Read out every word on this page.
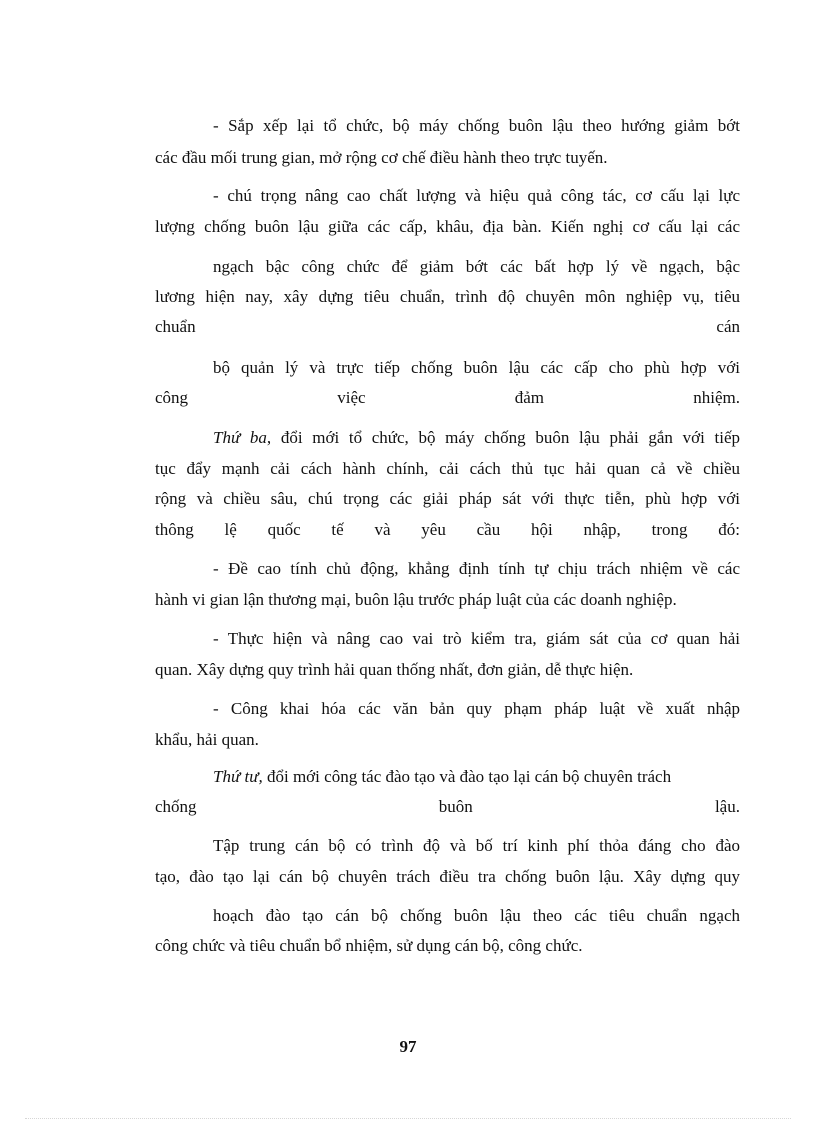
- Sắp xếp lại tổ chức, bộ máy chống buôn lậu theo hướng giảm bớt
các đầu mối trung gian, mở rộng cơ chế điều hành theo trực tuyến.
- chú trọng nâng cao chất lượng và hiệu quả công tác, cơ cấu lại lực
lượng chống buôn lậu giữa các cấp, khâu, địa bàn. Kiến nghị cơ cấu lại các
ngạch bậc công chức để giảm bớt các bất hợp lý về ngạch, bậc
lương hiện nay, xây dựng tiêu chuẩn, trình độ chuyên môn nghiệp vụ, tiêu
chuẩn	cán
bộ quản lý và trực tiếp chống buôn lậu các cấp cho phù hợp với
công	việc	đảm	nhiệm.
Thứ ba, đổi mới tổ chức, bộ máy chống buôn lậu phải gắn với tiếp
tục đẩy mạnh cải cách hành chính, cải cách thủ tục hải quan cả về chiều
rộng và chiều sâu, chú trọng các giải pháp sát với thực tiễn, phù hợp với
thông lệ quốc tế và yêu cầu hội nhập, trong đó:
- Đề cao tính chủ động, khẳng định tính tự chịu trách nhiệm về các
hành vi gian lận thương mại, buôn lậu trước pháp luật của các doanh nghiệp.
- Thực hiện và nâng cao vai trò kiểm tra, giám sát của cơ quan hải
quan. Xây dựng quy trình hải quan thống nhất, đơn giản, dễ thực hiện.
- Công khai hóa các văn bản quy phạm pháp luật về xuất nhập
khẩu, hải quan.
Thứ tư, đổi mới công tác đào tạo và đào tạo lại cán bộ chuyên trách
chống	buôn	lậu.
Tập trung cán bộ có trình độ và bố trí kinh phí thỏa đáng cho đào
tạo, đào tạo lại cán bộ chuyên trách điều tra chống buôn lậu. Xây dựng quy
hoạch đào tạo cán bộ chống buôn lậu theo các tiêu chuẩn ngạch
công chức và tiêu chuẩn bổ nhiệm, sử dụng cán bộ, công chức.
97
